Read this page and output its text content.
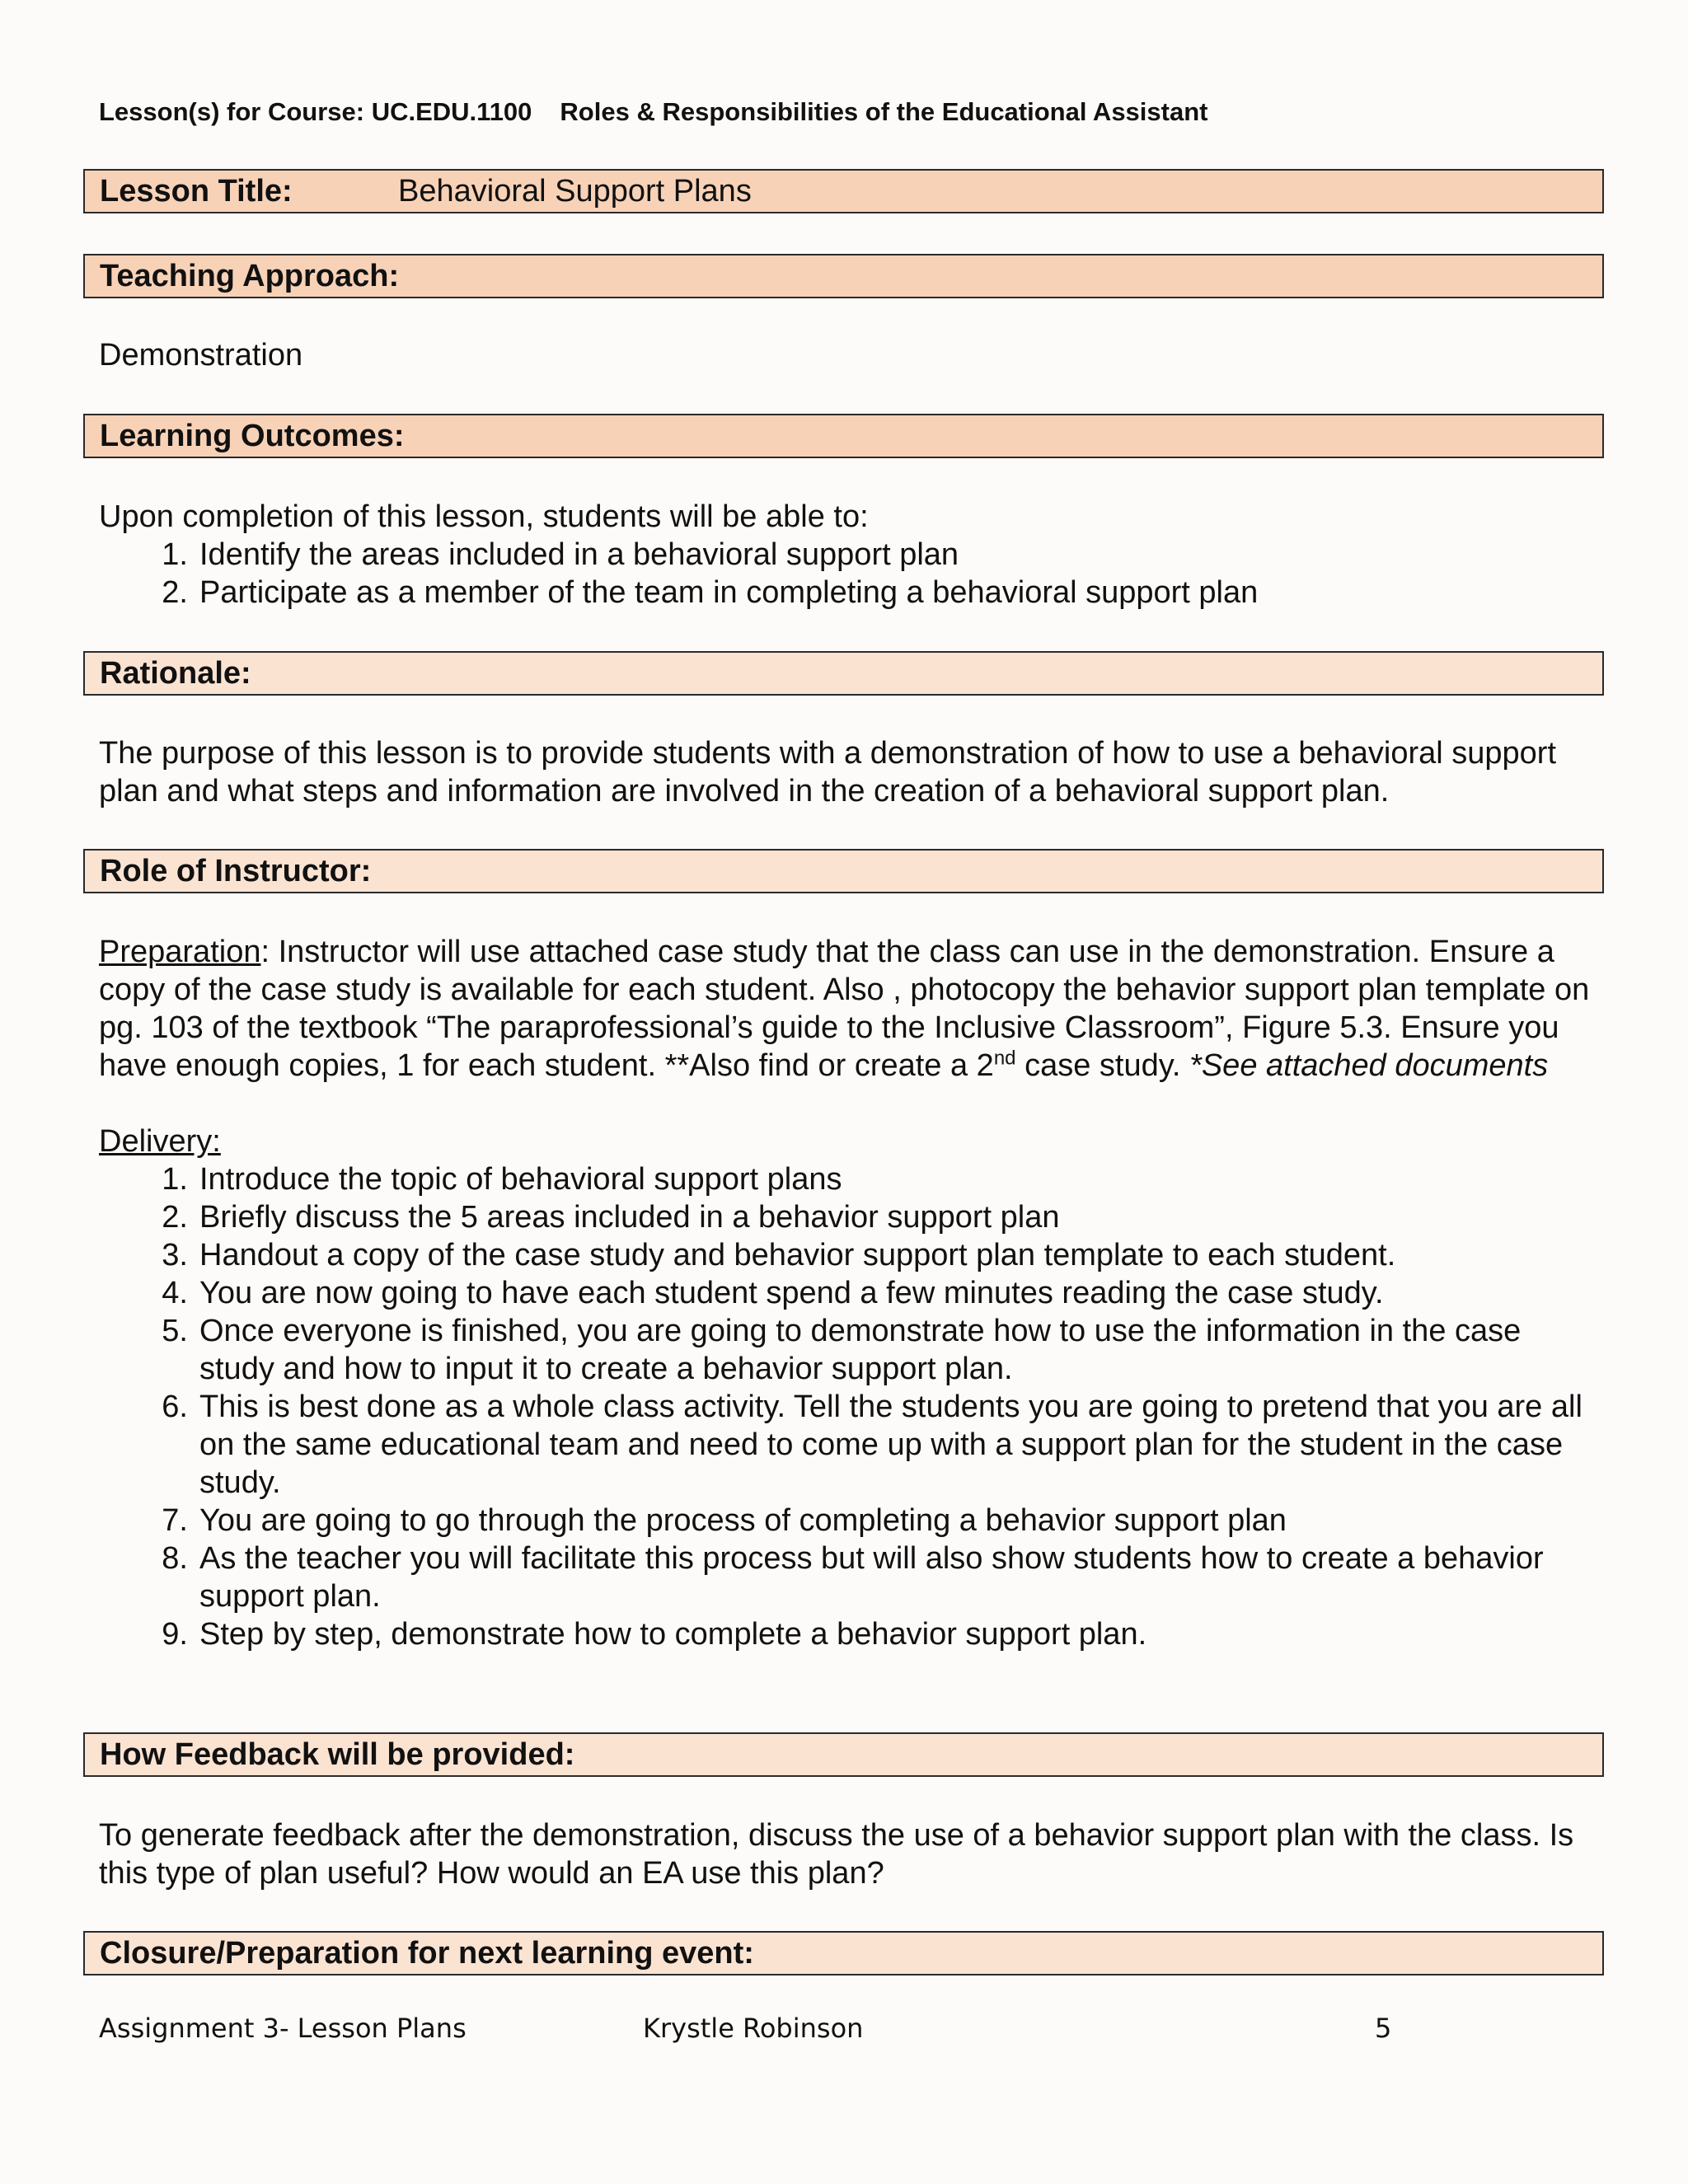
Lesson(s) for Course: UC.EDU.1100 Roles & Responsibilities of the Educational Assistant
Lesson Title:	Behavioral Support Plans
Teaching Approach:

Demonstration

Learning Outcomes:

Upon completion of this lesson, students will be able to:

1. Identify the areas included in a behavioral support plan
2. Participate as a member of the team in completing a behavioral support plan
Rationale:

The purpose of this lesson is to provide students with a demonstration of how to use a behavioral support plan and what steps and information are involved in the creation of a behavioral support plan.

Role of Instructor:

Preparation: Instructor will use attached case study that the class can use in the demonstration. Ensure a copy of the case study is available for each student. Also , photocopy the behavior support plan template on pg. 103 of the textbook “The paraprofessional’s guide to the Inclusive Classroom”, Figure 5.3. Ensure you have enough copies, 1 for each student. **Also find or create a 2nd case study. *See attached documents

Delivery:

1. Introduce the topic of behavioral support plans
2. Briefly discuss the 5 areas included in a behavior support plan
3. Handout a copy of the case study and behavior support plan template to each student.
4. You are now going to have each student spend a few minutes reading the case study.
5. Once everyone is finished, you are going to demonstrate how to use the information in the case study and how to input it to create a behavior support plan.
6. This is best done as a whole class activity. Tell the students you are going to pretend that you are all on the same educational team and need to come up with a support plan for the student in the case study.
7. You are going to go through the process of completing a behavior support plan
8. As the teacher you will facilitate this process but will also show students how to create a behavior support plan.
9. Step by step, demonstrate how to complete a behavior support plan.
How Feedback will be provided:

To generate feedback after the demonstration, discuss the use of a behavior support plan with the class. Is this type of plan useful? How would an EA use this plan?

Closure/Preparation for next learning event:
Assignment 3- Lesson Plans	Krystle Robinson	5
